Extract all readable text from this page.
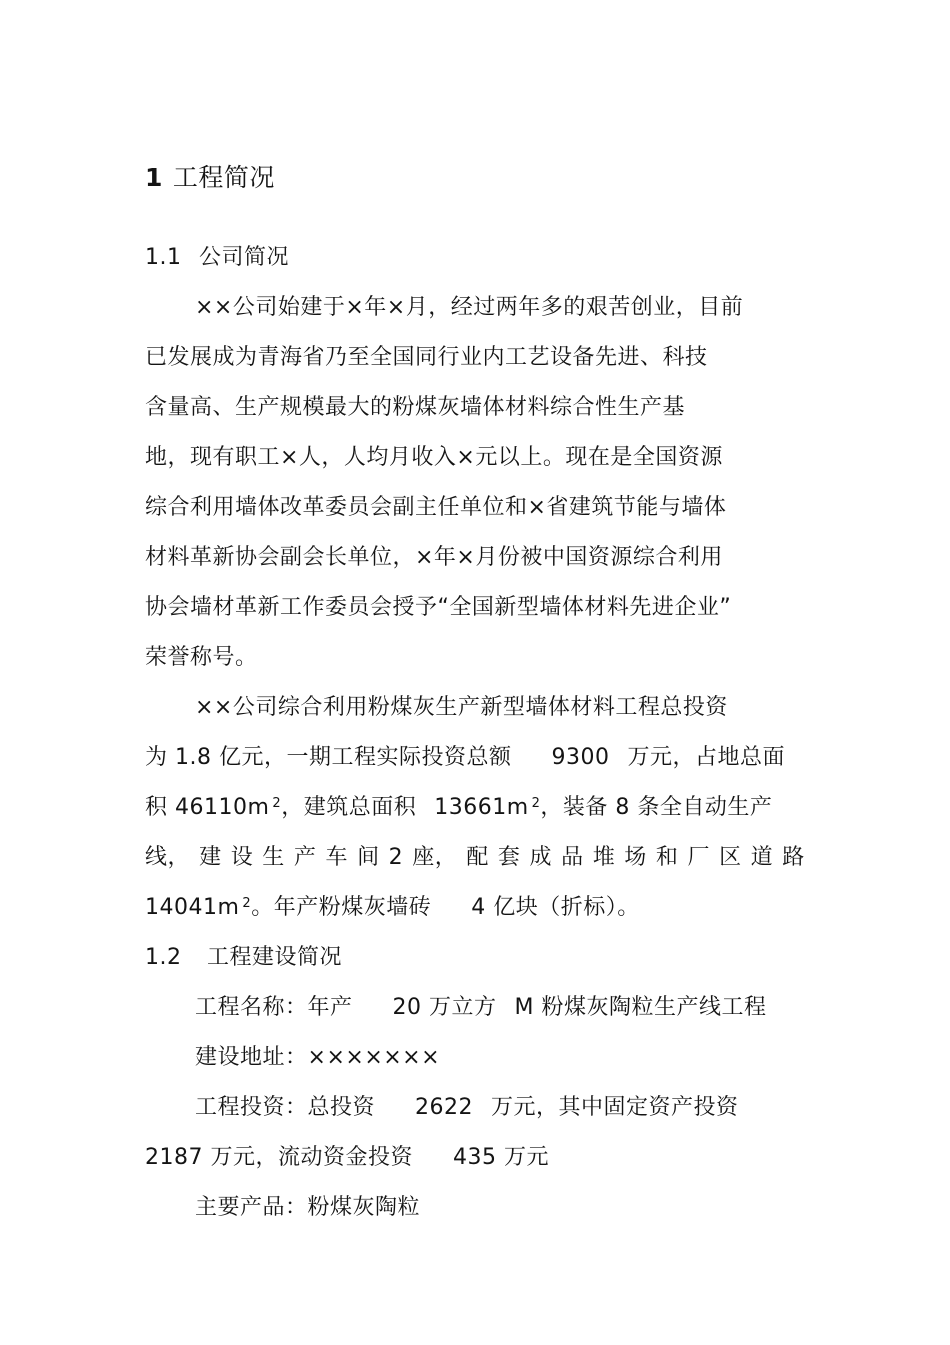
1 工程简况
1.1 公司简况
××公司始建于×年×月，经过两年多的艰苦创业，目前
已发展成为青海省乃至全国同行业内工艺设备先进、科技
含量高、生产规模最大的粉煤灰墙体材料综合性生产基
地，现有职工×人，人均月收入×元以上。现在是全国资源
综合利用墙体改革委员会副主任单位和×省建筑节能与墙体
材料革新协会副会长单位，×年×月份被中国资源综合利用
协会墙材革新工作委员会授予“全国新型墙体材料先进企业”
荣誉称号。
××公司综合利用粉煤灰生产新型墙体材料工程总投资
为 1.8 亿元，一期工程实际投资总额 9300 万元，占地总面
积 46110m $^2$，建筑总面积 13661m $^2$，装备 8 条全自动生产
线， 建 设 生 产 车 间 2 座， 配 套 成 品 堆 场 和 厂 区 道 路
14041m $^2$。年产粉煤灰墙砖 4 亿块（折标）。
1.2 工程建设简况
工程名称：年产 20 万立方 M 粉煤灰陶粒生产线工程
建设地址：×××××××
工程投资：总投资 2622 万元，其中固定资产投资
2187 万元，流动资金投资 435 万元
主要产品：粉煤灰陶粒
